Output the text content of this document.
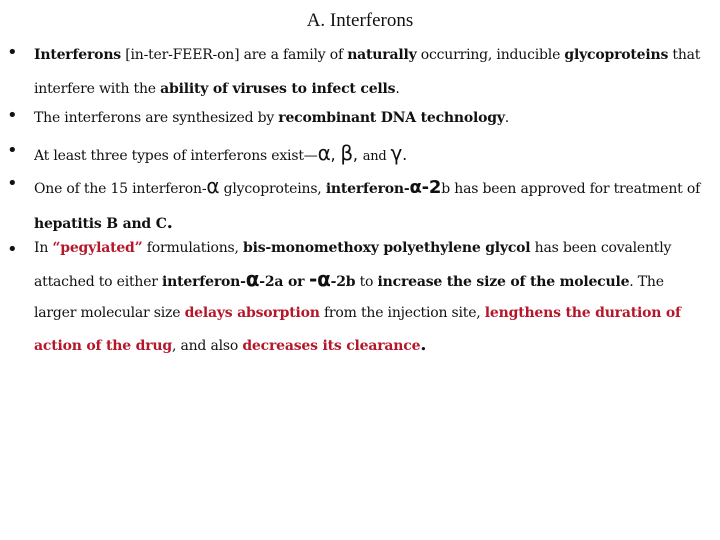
A. Interferons
• Interferons [in-ter-FEER-on] are a family of naturally occurring, inducible glycoproteins that interfere with the ability of viruses to infect cells.
• The interferons are synthesized by recombinant DNA technology.
• At least three types of interferons exist—α, β, and γ.
• One of the 15 interferon-α glycoproteins, interferon-α-2b has been approved for treatment of hepatitis B and C.
• In “pegylated” formulations, bis-monomethoxy polyethylene glycol has been covalently attached to either interferon-α-2a or -α-2b to increase the size of the molecule. The larger molecular size delays absorption from the injection site, lengthens the duration of action of the drug, and also decreases its clearance.
